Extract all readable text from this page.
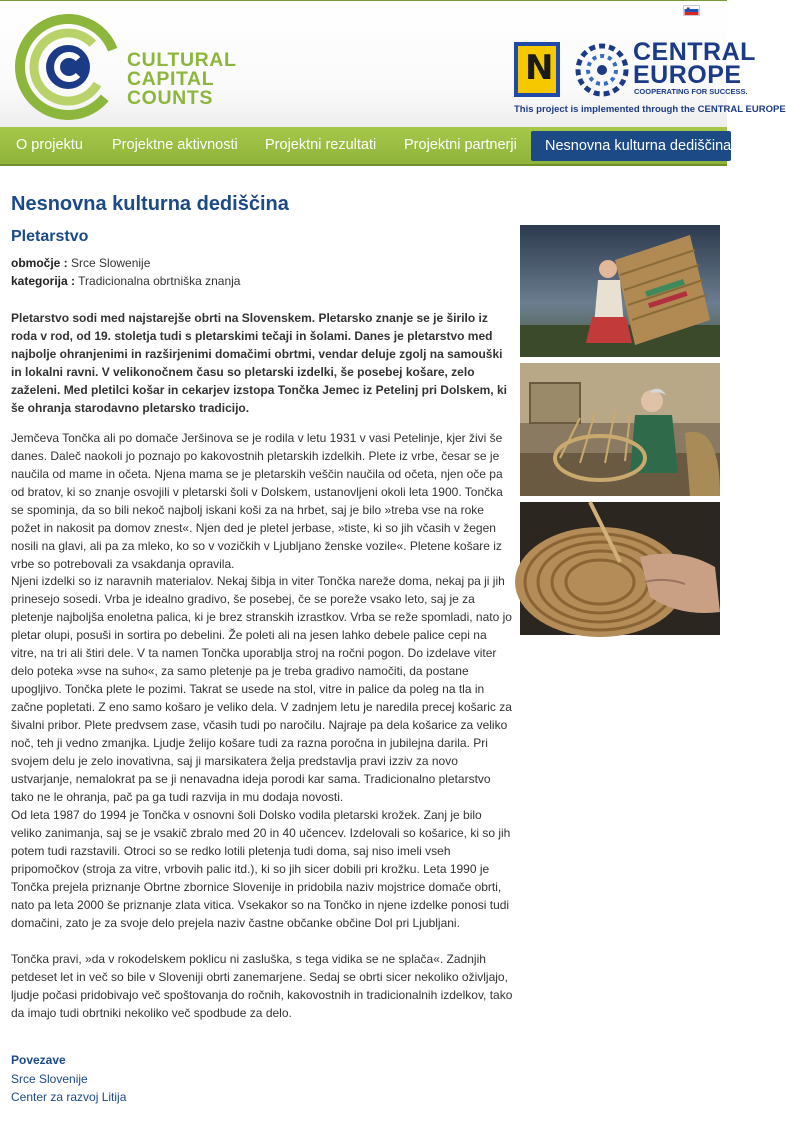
CULTURAL
CAPITAL
COUNTS
N	CENTRAL
EUROPE
COOPERATING FOR SUCCESS.
This project is implemented through the CENTRAL EUROPE
O projektu Projektne aktivnosti Projektni rezultati Projektni partnerji	Nesnovna kulturna dediščina
Nesnovna kulturna dediščina
Pletarstvo
območje : Srce Slowenije
kategorija : Tradicionalna obrtniška znanja
Pletarstvo sodi med najstarejše obrti na Slovenskem. Pletarsko znanje se je širilo iz roda v rod, od 19. stoletja tudi s pletarskimi tečaji in šolami. Danes je pletarstvo med najbolje ohranjenimi in razširjenimi domačimi obrtmi, vendar deluje zgolj na samouški in lokalni ravni. V velikonočnem času so pletarski izdelki, še posebej košare, zelo zaželeni. Med pletilci košar in cekarjev izstopa Tončka Jemec iz Petelinj pri Dolskem, ki še ohranja starodavno pletarsko tradicijo.
Jemčeva Tončka ali po domače Jeršinova se je rodila v letu 1931 v vasi Petelinje, kjer živi še danes. Daleč naokoli jo poznajo po kakovostnih pletarskih izdelkih. Plete iz vrbe, česar se je naučila od mame in očeta. Njena mama se je pletarskih veščin naučila od očeta, njen oče pa od bratov, ki so znanje osvojili v pletarski šoli v Dolskem, ustanovljeni okoli leta 1900. Tončka se spominja, da so bili nekoč najbolj iskani koši za na hrbet, saj je bilo »treba vse na roke požet in nakosit pa domov znest«. Njen ded je pletel jerbase, »tiste, ki so jih včasih v žegen nosili na glavi, ali pa za mleko, ko so v vozičkih v Ljubljano ženske vozile«. Pletene košare iz vrbe so potrebovali za vsakdanja opravila.
Njeni izdelki so iz naravnih materialov. Nekaj šibja in viter Tončka nareže doma, nekaj pa ji jih prinesejo sosedi. Vrba je idealno gradivo, še posebej, če se poreže vsako leto, saj je za pletenje najboljša enoletna palica, ki je brez stranskih izrastkov. Vrba se reže spomladi, nato jo pletar olupi, posuši in sortira po debelini. Že poleti ali na jesen lahko debele palice cepi na vitre, na tri ali štiri dele. V ta namen Tončka uporablja stroj na ročni pogon. Do izdelave viter delo poteka »vse na suho«, za samo pletenje pa je treba gradivo namočiti, da postane upogljivo. Tončka plete le pozimi. Takrat se usede na stol, vitre in palice da poleg na tla in začne popletati. Z eno samo košaro je veliko dela. V zadnjem letu je naredila precej košaric za šivalni pribor. Plete predvsem zase, včasih tudi po naročilu. Najraje pa dela košarice za veliko noč, teh ji vedno zmanjka. Ljudje želijo košare tudi za razna poročna in jubilejna darila. Pri svojem delu je zelo inovativna, saj ji marsikatera želja predstavlja pravi izziv za novo ustvarjanje, nemalokrat pa se ji nenavadna ideja porodi kar sama. Tradicionalno pletarstvo tako ne le ohranja, pač pa ga tudi razvija in mu dodaja novosti.
Od leta 1987 do 1994 je Tončka v osnovni šoli Dolsko vodila pletarski krožek. Zanj je bilo veliko zanimanja, saj se je vsakič zbralo med 20 in 40 učencev. Izdelovali so košarice, ki so jih potem tudi razstavili. Otroci so se redko lotili pletenja tudi doma, saj niso imeli vseh pripomočkov (stroja za vitre, vrbovih palic itd.), ki so jih sicer dobili pri krožku. Leta 1990 je Tončka prejela priznanje Obrtne zbornice Slovenije in pridobila naziv mojstrice domače obrti, nato pa leta 2000 še priznanje zlata vitica. Vsekakor so na Tončko in njene izdelke ponosi tudi domačini, zato je za svoje delo prejela naziv častne občanke občine Dol pri Ljubljani.
Tončka pravi, »da v rokodelskem poklicu ni zasluška, s tega vidika se ne splača«. Zadnjih petdeset let in več so bile v Sloveniji obrti zanemarjene. Sedaj se obrti sicer nekoliko oživljajo, ljudje počasi pridobivajo več spoštovanja do ročnih, kakovostnih in tradicionalnih izdelkov, tako da imajo tudi obrtniki nekoliko več spodbude za delo.
Povezave
Srce Slovenije
Center za razvoj Litija
